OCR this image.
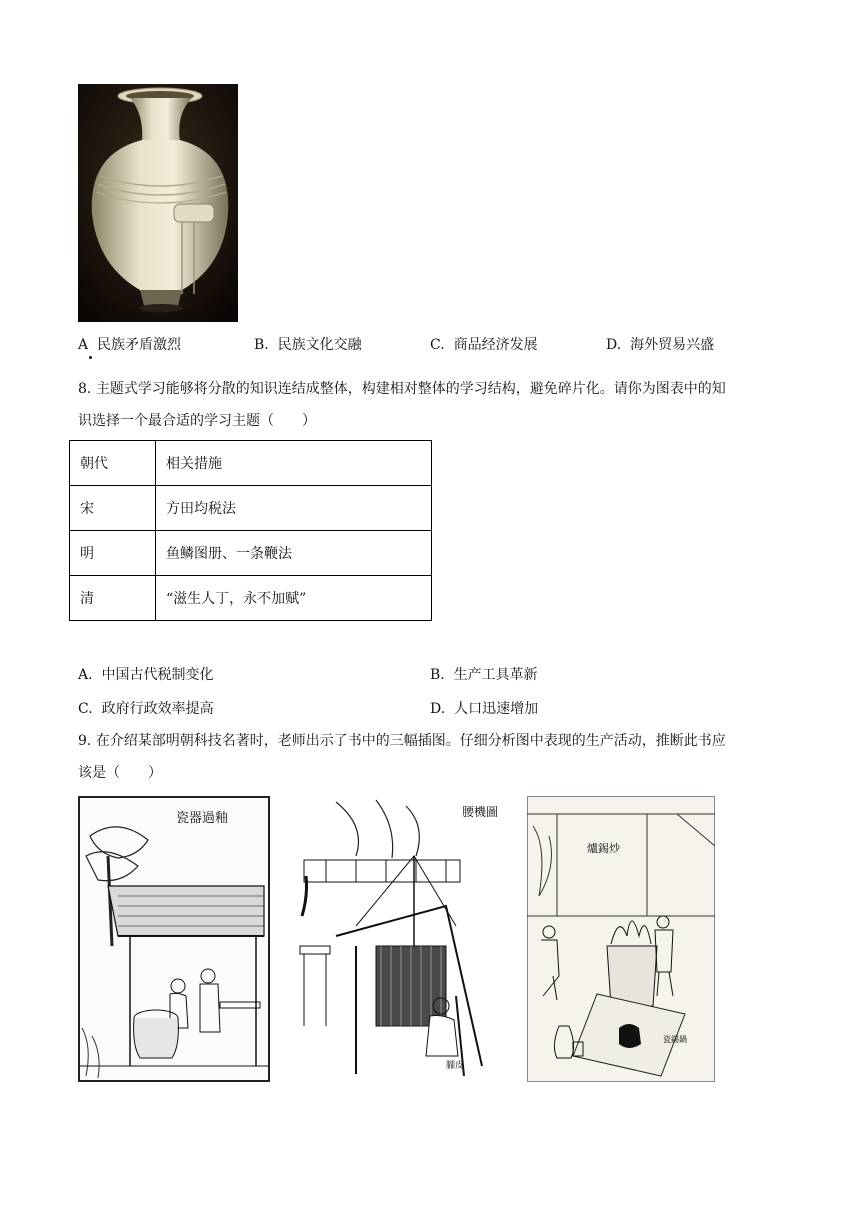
A 民族矛盾激烈	B. 民族文化交融	C. 商品经济发展	D. 海外贸易兴盛
8. 主题式学习能够将分散的知识连结成整体，构建相对整体的学习结构，避免碎片化。请你为图表中的知
识选择一个最合适的学习主题（　　）
朝代	相关措施
宋	方田均税法
明	鱼鳞图册、一条鞭法
清	“滋生人丁，永不加赋”
A. 中国古代税制变化	B. 生产工具革新
C. 政府行政效率提高	D. 人口迅速增加
9. 在介绍某部明朝科技名著时，老师出示了书中的三幅插图。仔细分析图中表现的生产活动，推断此书应
该是（　　）
瓷器過釉	腰機圖
腳皮
爐錫炒
瓷錫鍋
